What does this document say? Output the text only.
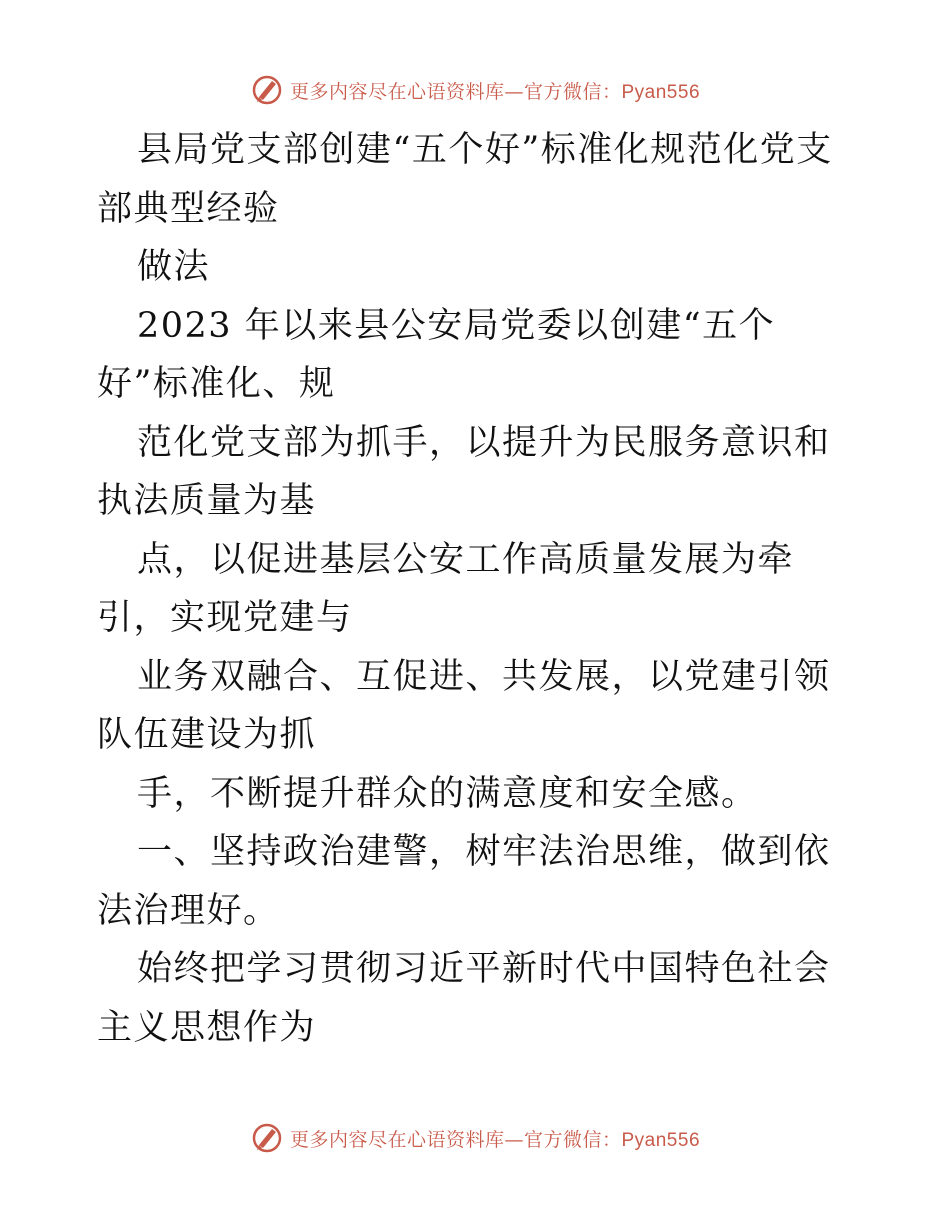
更多内容尽在心语资料库—官方微信：Pyan556

县局党支部创建“五个好”标准化规范化党支部典型经验

做法

2023 年以来县公安局党委以创建“五个好”标准化、规

范化党支部为抓手，以提升为民服务意识和执法质量为基

点，以促进基层公安工作高质量发展为牵引，实现党建与

业务双融合、互促进、共发展，以党建引领队伍建设为抓

手，不断提升群众的满意度和安全感。

一、坚持政治建警，树牢法治思维，做到依法治理好。

始终把学习贯彻习近平新时代中国特色社会主义思想作为

更多内容尽在心语资料库—官方微信：Pyan556
